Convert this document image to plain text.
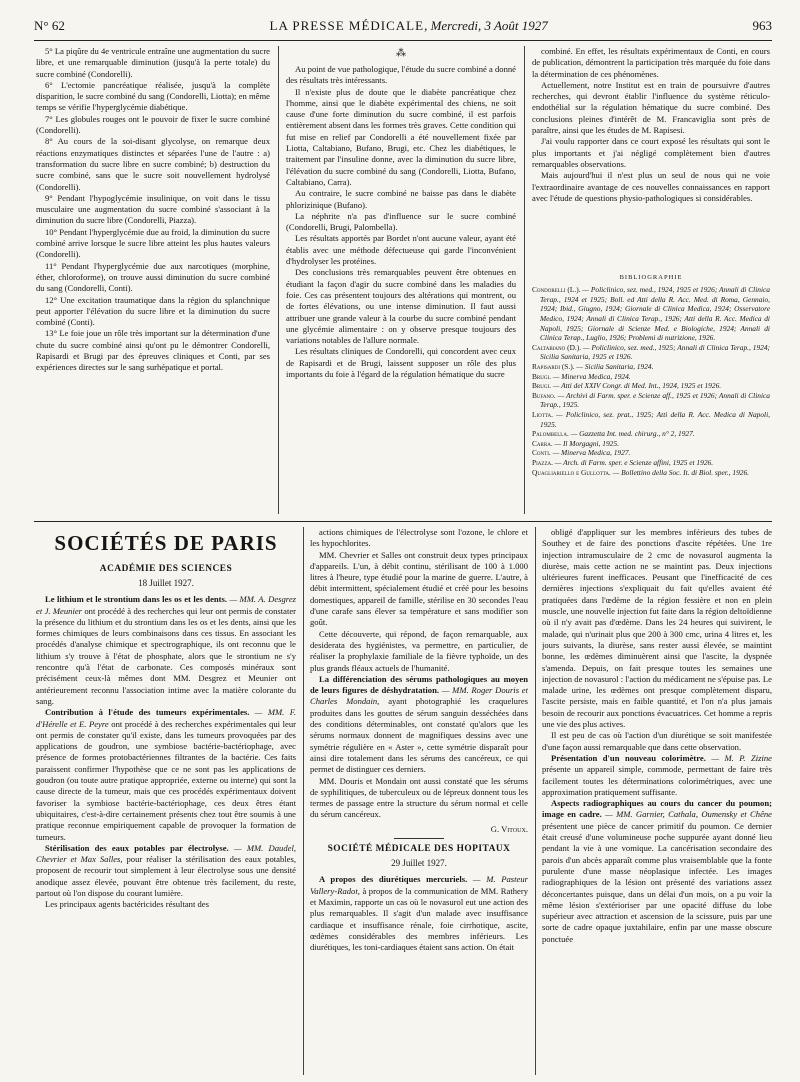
N° 62	LA PRESSE MÉDICALE, Mercredi, 3 Août 1927	963

5° La piqûre du 4e ventricule entraîne une augmentation du sucre libre, et une remarquable diminution (jusqu'à la perte totale) du sucre combiné (Condorelli).

6° L'ectomie pancréatique réalisée, jusqu'à la complète disparition, le sucre combiné du sang (Condorelli, Liotta); en même temps se vérifie l'hyperglycémie diabétique.

7° Les globules rouges ont le pouvoir de fixer le sucre combiné (Condorelli).

8° Au cours de la soi-disant glycolyse, on remarque deux réactions enzymatiques distinctes et séparées l'une de l'autre : a) transformation du sucre libre en sucre combiné; b) destruction du sucre combiné, sans que le sucre soit nouvellement hydrolysé (Condorelli).

9° Pendant l'hypoglycémie insulinique, on voit dans le tissu musculaire une augmentation du sucre combiné s'associant à la diminution du sucre libre (Condorelli, Piazza).

10° Pendant l'hyperglycémie due au froid, la diminution du sucre combiné arrive lorsque le sucre libre atteint les plus hautes valeurs (Condorelli).

11° Pendant l'hyperglycémie due aux narcotiques (morphine, éther, chloroforme), on trouve aussi diminution du sucre combiné du sang (Condorelli, Conti).

12° Une excitation traumatique dans la région du splanchnique peut apporter l'élévation du sucre libre et la diminution du sucre combiné (Conti).

13° Le foie joue un rôle très important sur la détermination d'une chute du sucre combiné ainsi qu'ont pu le démontrer Condorelli, Rapisardi et Brugi par des épreuves cliniques et Conti, par ses expériences directes sur le sang surhépatique et portal.

⁂

Au point de vue pathologique, l'étude du sucre combiné a donné des résultats très intéressants.

Il n'existe plus de doute que le diabète pancréatique chez l'homme, ainsi que le diabète expérimental des chiens, ne soit cause d'une forte diminution du sucre combiné, il est parfois entièrement absent dans les formes très graves. Cette condition qui fut mise en relief par Condorelli a été nouvellement fixée par Liotta, Caltabiano, Bufano, Brugi, etc. Chez les diabétiques, le traitement par l'insuline donne, avec la diminution du sucre libre, l'élévation du sucre combiné du sang (Condorelli, Liotta, Bufano, Caltabiano, Carra).

Au contraire, le sucre combiné ne baisse pas dans le diabète phlorizinique (Bufano).

La néphrite n'a pas d'influence sur le sucre combiné (Condorelli, Brugi, Palombella).

Les résultats apportés par Bordet n'ont aucune valeur, ayant été établis avec une méthode défectueuse qui garde l'inconvénient d'hydrolyser les protéines.

Des conclusions très remarquables peuvent être obtenues en étudiant la façon d'agir du sucre combiné dans les maladies du foie. Ces cas présentent toujours des altérations qui montrent, ou de fortes élévations, ou une intense diminution. Il faut aussi attribuer une grande valeur à la courbe du sucre combiné pendant une glycémie alimentaire : on y observe presque toujours des variations notables de l'allure normale.

Les résultats cliniques de Condorelli, qui concordent avec ceux de Rapisardi et de Brugi, laissent supposer un rôle des plus importants du foie à l'égard de la régulation hématique du sucre

combiné. En effet, les résultats expérimentaux de Conti, en cours de publication, démontrent la participation très marquée du foie dans la détermination de ces phénomènes.

Actuellement, notre Institut est en train de poursuivre d'autres recherches, qui devront établir l'influence du système réticulo-endothélial sur la régulation hématique du sucre combiné. Des conclusions pleines d'intérêt de M. Francaviglia sont près de paraître, ainsi que les études de M. Rapisesi.

J'ai voulu rapporter dans ce court exposé les résultats qui sont le plus importants et j'ai négligé complètement bien d'autres remarquables observations.

Mais aujourd'hui il n'est plus un seul de nous qui ne voie l'extraordinaire avantage de ces nouvelles connaissances en rapport avec l'étude de questions physio-pathologiques si considérables.

BIBLIOGRAPHIE

Condorelli (L.). — Policlinico, sez. med., 1924, 1925 et 1926; Annali di Clinica Terap., 1924 et 1925; Boll. ed Atti della R. Acc. Med. di Roma, Gennaio, 1924; Ibid., Giugno, 1924; Giornale di Clinica Medica, 1924; Osservatore Medico, 1924; Annali di Clinica Terap., 1926; Atti della R. Acc. Medica di Napoli, 1925; Giornale di Scienze Med. e Biologiche, 1924; Annali di Clinica Terap., Luglio, 1926; Problemi di nutrizione, 1926.

Caltabiano (D.). — Policlinico, sez. med., 1925; Annali di Clinica Terap., 1924; Sicilia Sanitaria, 1925 et 1926.

Rapisardi (S.). — Sicilia Sanitaria, 1924.

Brugi. — Minerva Medica, 1924.

Brugi. — Atti del XXIV Congr. di Med. Int., 1924, 1925 et 1926.

Bufano. — Archivi di Farm. sper. e Scienze aff., 1925 et 1926; Annali di Clinica Terap., 1925.

Liotta. — Policlinico, sez. prat., 1925; Atti della R. Acc. Medica di Napoli, 1925.

Palombella. — Gazzetta Int. med. chirurg., n° 2, 1927.

Carra. — Il Morgagni, 1925.

Conti. — Minerva Medica, 1927.

Piazza. — Arch. di Farm. sper. e Scienze affini, 1925 et 1926.

Quagliariello e Gullotta. — Bollettino della Soc. It. di Biol. sper., 1926.

SOCIÉTÉS DE PARIS
ACADÉMIE DES SCIENCES
18 Juillet 1927.

Le lithium et le strontium dans les os et les dents. — MM. A. Desgrez et J. Meunier ont procédé à des recherches qui leur ont permis de constater la présence du lithium et du strontium dans les os et les dents, ainsi que les formes chimiques de leurs combinaisons dans ces tissus. En associant les procédés d'analyse chimique et spectrographique, ils ont reconnu que le lithium s'y trouve à l'état de phosphate, alors que le strontium ne s'y rencontre qu'à l'état de carbonate. Ces composés minéraux sont précisément ceux-là mêmes dont MM. Desgrez et Meunier ont antérieurement reconnu l'association intime avec la matière colorante du sang.

Contribution à l'étude des tumeurs expérimentales. — MM. F. d'Hérelle et E. Peyre ont procédé à des recherches expérimentales qui leur ont permis de constater qu'il existe, dans les tumeurs provoquées par des applications de goudron, une symbiose bactérie-bactériophage, avec présence de formes protobactériennes filtrantes de la bactérie. Ces faits paraissent confirmer l'hypothèse que ce ne sont pas les applications de goudron (ou toute autre pratique appropriée, externe ou interne) qui sont la cause directe de la tumeur, mais que ces procédés expérimentaux doivent favoriser la symbiose bactérie-bactériophage, ces deux êtres étant ubiquitaires, c'est-à-dire certainement présents chez tout être soumis à une pratique reconnue empiriquement capable de provoquer la formation de tumeurs.

Stérilisation des eaux potables par électrolyse. — MM. Daudel, Chevrier et Max Salles, pour réaliser la stérilisation des eaux potables, proposent de recourir tout simplement à leur électrolyse sous une densité anodique assez élevée, pouvant être obtenue très facilement, du reste, partout où l'on dispose du courant lumière.

Les principaux agents bactéricides résultant des

actions chimiques de l'électrolyse sont l'ozone, le chlore et les hypochlorites.

MM. Chevrier et Salles ont construit deux types principaux d'appareils. L'un, à débit continu, stérilisant de 100 à 1.000 litres à l'heure, type étudié pour la marine de guerre. L'autre, à débit intermittent, spécialement étudié et créé pour les besoins domestiques, appareil de famille, stérilise en 30 secondes l'eau d'une carafe sans élever sa température et sans modifier son goût.

Cette découverte, qui répond, de façon remarquable, aux desiderata des hygiénistes, va permettre, en particulier, de réaliser la prophylaxie familiale de la fièvre typhoïde, un des plus grands fléaux actuels de l'humanité.

La différenciation des sérums pathologiques au moyen de leurs figures de déshydratation. — MM. Roger Douris et Charles Mondain, ayant photographié les craquelures produites dans les gouttes de sérum sanguin desséchées dans des conditions déterminables, ont constaté qu'alors que les sérums normaux donnent de magnifiques dessins avec une symétrie régulière en « Aster », cette symétrie disparaît pour ainsi dire totalement dans les sérums des cancéreux, ce qui permet de distinguer ces derniers.

MM. Douris et Mondain ont aussi constaté que les sérums de syphilitiques, de tuberculeux ou de lépreux donnent tous les termes de passage entre la structure du sérum normal et celle du sérum cancéreux.

G. Vitoux.

SOCIÉTÉ MÉDICALE DES HOPITAUX
29 Juillet 1927.

A propos des diurétiques mercuriels. — M. Pasteur Vallery-Radot, à propos de la communication de MM. Rathery et Maximin, rapporte un cas où le novasurol eut une action des plus remarquables. Il s'agit d'un malade avec insuffisance cardiaque et insuffisance rénale, foie cirrhotique, ascite, œdèmes considérables des membres inférieurs. Les diurétiques, les toni-cardiaques étaient sans action. On était

obligé d'appliquer sur les membres inférieurs des tubes de Southey et de faire des ponctions d'ascite répétées. Une 1re injection intramusculaire de 2 cmc de novasurol augmenta la diurèse, mais cette action ne se maintint pas. Deux injections ultérieures furent inefficaces. Peusant que l'inefficacité de ces dernières injections s'expliquait du fait qu'elles avaient été pratiquées dans l'œdème de la région fessière et non en plein muscle, une nouvelle injection fut faite dans la région deltoïdienne où il n'y avait pas d'œdème. Dans les 24 heures qui suivirent, le malade, qui n'urinait plus que 200 à 300 cmc, urina 4 litres et, les jours suivants, la diurèse, sans rester aussi élevée, se maintint bonne, les œdèmes diminuèrent ainsi que l'ascite, la dyspnée s'amenda. Depuis, on fait presque toutes les semaines une injection de novasurol : l'action du médicament ne s'épuise pas. Le malade urine, les œdèmes ont presque complètement disparu, l'ascite persiste, mais en faible quantité, et l'on n'a plus jamais besoin de recourir aux ponctions évacuatrices. Cet homme a repris une vie des plus actives.

Il est peu de cas où l'action d'un diurétique se soit manifestée d'une façon aussi remarquable que dans cette observation.

Présentation d'un nouveau colorimètre. — M. P. Zizine présente un appareil simple, commode, permettant de faire très facilement toutes les déterminations colorimétriques, avec une approximation pratiquement suffisante.

Aspects radiographiques au cours du cancer du poumon; image en cadre. — MM. Garnier, Cathala, Oumensky et Chêne présentent une pièce de cancer primitif du poumon. Ce dernier était creusé d'une volumineuse poche suppurée ayant donné lieu pendant la vie à une vomique. La cancérisation secondaire des parois d'un abcès apparaît comme plus vraisemblable que la fonte purulente d'une masse néoplasique infectée. Les images radiographiques de la lésion ont présenté des variations assez déconcertantes puisque, dans un délai d'un mois, on a pu voir la même lésion s'extérioriser par une opacité diffuse du lobe supérieur avec attraction et ascension de la scissure, puis par une sorte de cadre opaque juxtahilaire, enfin par une masse obscure ponctuée
